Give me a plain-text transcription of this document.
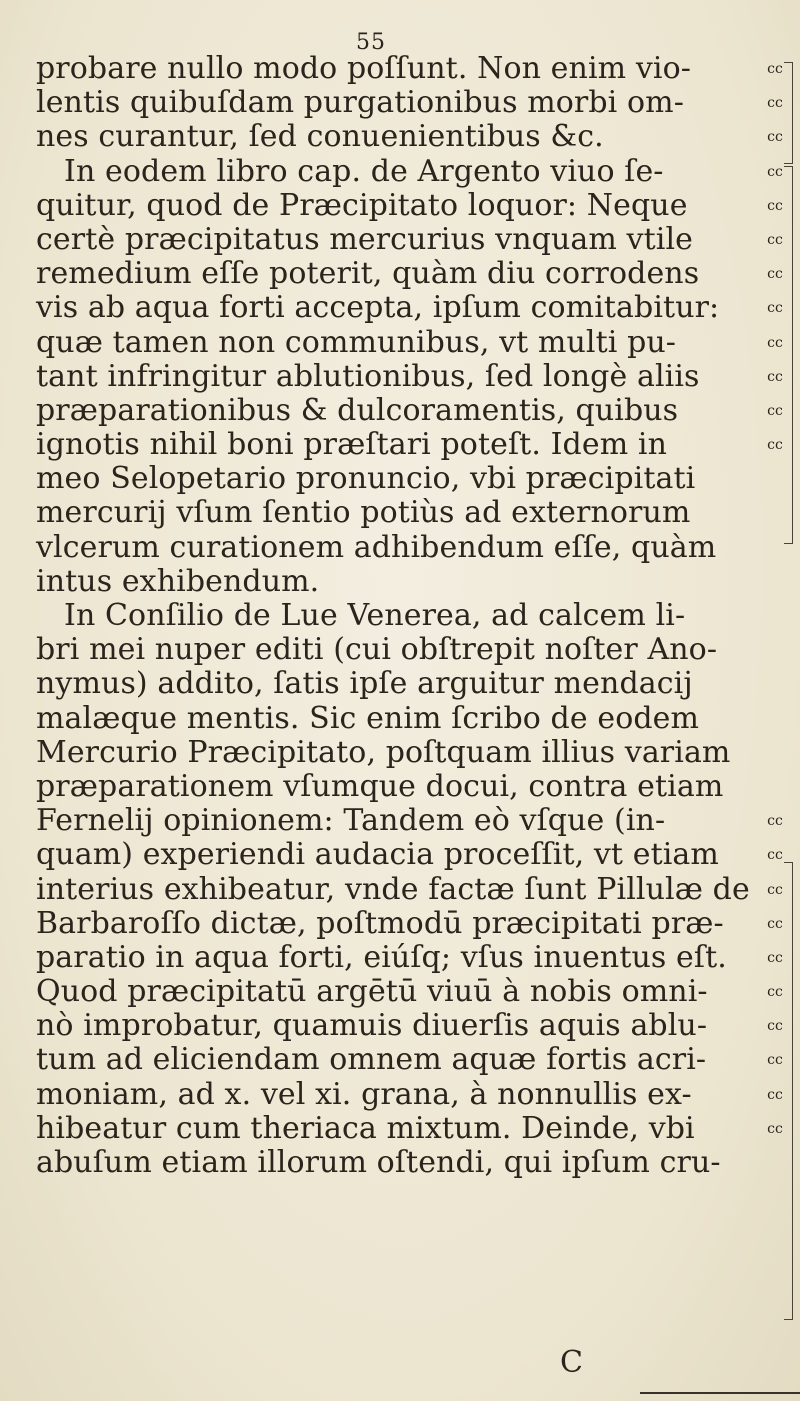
55
probare nullo modo poſſunt. Non enim vio-
lentis quibuſdam purgationibus morbi om-
nes curantur, ſed conuenientibus &c.
In eodem libro cap. de Argento viuo ſe-
quitur, quod de Præcipitato loquor: Neque
certè præcipitatus mercurius vnquam vtile
remedium eſſe poterit, quàm diu corrodens
vis ab aqua forti accepta, ipſum comitabitur:
quæ tamen non communibus, vt multi pu-
tant infringitur ablutionibus, ſed longè aliis
præparationibus & dulcoramentis, quibus
ignotis nihil boni præſtari poteſt. Idem in
meo Selopetario pronuncio, vbi præcipitati
mercurij vſum ſentio potiùs ad externorum
vlcerum curationem adhibendum eſſe, quàm
intus exhibendum.
In Conſilio de Lue Venerea, ad calcem li-
bri mei nuper editi (cui obſtrepit noſter Ano-
nymus) addito, ſatis ipſe arguitur mendacij
malæque mentis. Sic enim ſcribo de eodem
Mercurio Præcipitato, poſtquam illius variam
præparationem vſumque docui, contra etiam
Fernelij opinionem: Tandem eò vſque (in-
quam) experiendi audacia proceſſit, vt etiam
interius exhibeatur, vnde factæ ſunt Pillulæ de
Barbaroſſo dictæ, poſtmodū præcipitati præ-
paratio in aqua forti, eiúſq; vſus inuentus eſt.
Quod præcipitatū argētū viuū à nobis omni-
nò improbatur, quamuis diuerſis aquis ablu-
tum ad eliciendam omnem aquæ fortis acri-
moniam, ad x. vel xi. grana, à nonnullis ex-
hibeatur cum theriaca mixtum. Deinde, vbi
abuſum etiam illorum oſtendi, qui ipſum cru-
cc
cc
cc
cc
cc
cc
cc
cc
cc
cc
cc
cc
cc
cc
cc
cc
cc
cc
cc
cc
cc
cc
C
